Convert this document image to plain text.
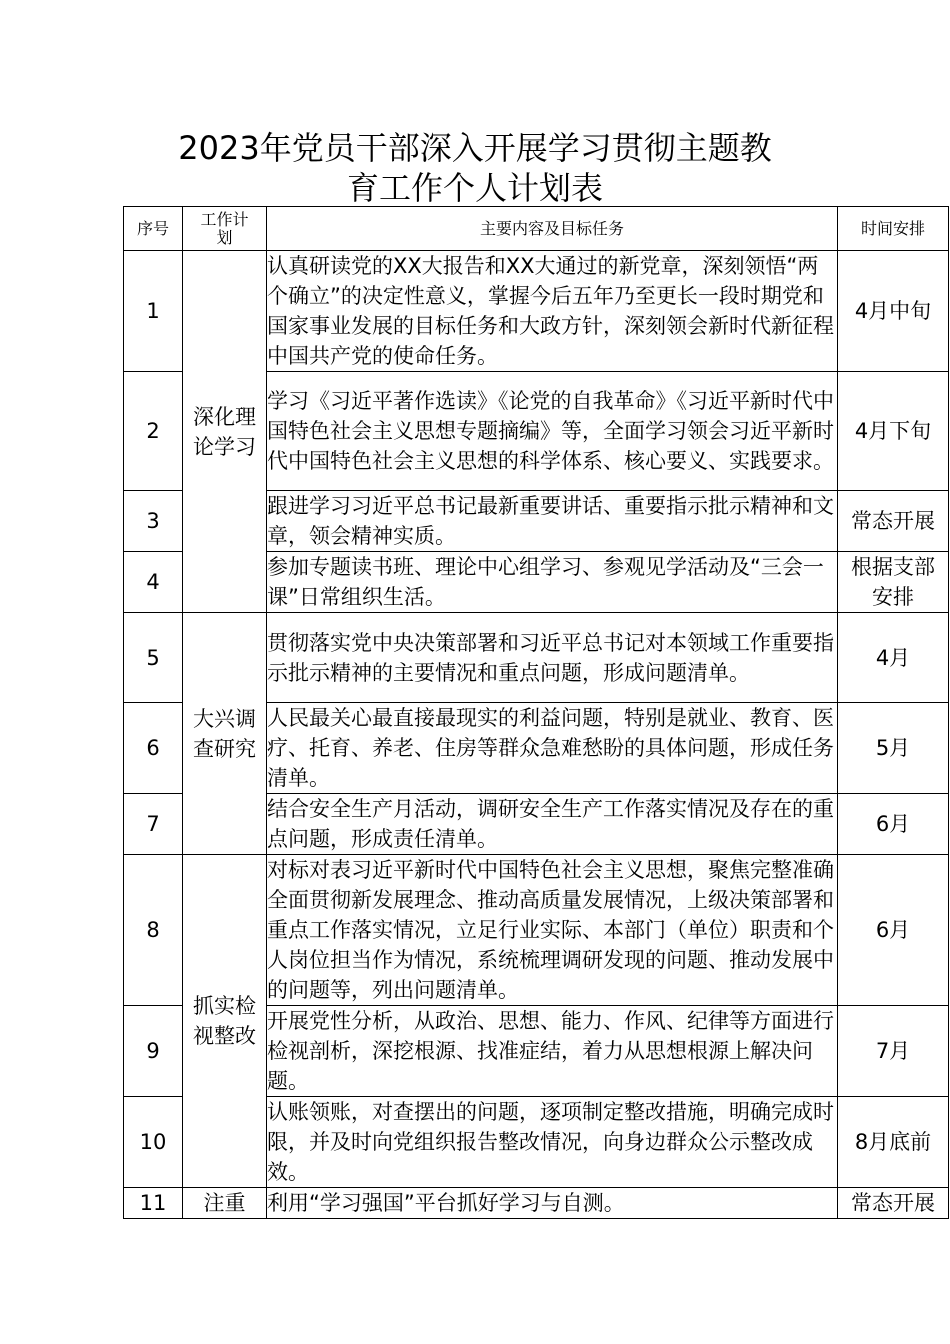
2023年党员干部深入开展学习贯彻主题教

育工作个人计划表
序号	工作计划	主要内容及目标任务	时间安排
1	深化理论学习	认真研读党的XX大报告和XX大通过的新党章，深刻领悟“两个确立”的决定性意义，掌握今后五年乃至更长一段时期党和国家事业发展的目标任务和大政方针，深刻领会新时代新征程中国共产党的使命任务。	4月中旬
2		学习《习近平著作选读》《论党的自我革命》《习近平新时代中国特色社会主义思想专题摘编》等，全面学习领会习近平新时代中国特色社会主义思想的科学体系、核心要义、实践要求。	4月下旬
3		跟进学习习近平总书记最新重要讲话、重要指示批示精神和文章，领会精神实质。	常态开展
4		参加专题读书班、理论中心组学习、参观见学活动及“三会一课”日常组织生活。	根据支部安排

5	大兴调查研究	贯彻落实党中央决策部署和习近平总书记对本领域工作重要指示批示精神的主要情况和重点问题，形成问题清单。	4月
6		人民最关心最直接最现实的利益问题，特别是就业、教育、医疗、托育、养老、住房等群众急难愁盼的具体问题，形成任务清单。	5月
7		结合安全生产月活动，调研安全生产工作落实情况及存在的重点问题，形成责任清单。	6月
8	抓实检视整改	对标对表习近平新时代中国特色社会主义思想，聚焦完整准确全面贯彻新发展理念、推动高质量发展情况，上级决策部署和重点工作落实情况，立足行业实际、本部门（单位）职责和个人岗位担当作为情况，系统梳理调研发现的问题、推动发展中的问题等，列出问题清单。	6月
9		开展党性分析，从政治、思想、能力、作风、纪律等方面进行检视剖析，深挖根源、找准症结，着力从思想根源上解决问题。	7月
10		认账领账，对查摆出的问题，逐项制定整改措施，明确完成时限，并及时向党组织报告整改情况，向身边群众公示整改成效。	8月底前
11	注重	利用“学习强国”平台抓好学习与自测。	常态开展
